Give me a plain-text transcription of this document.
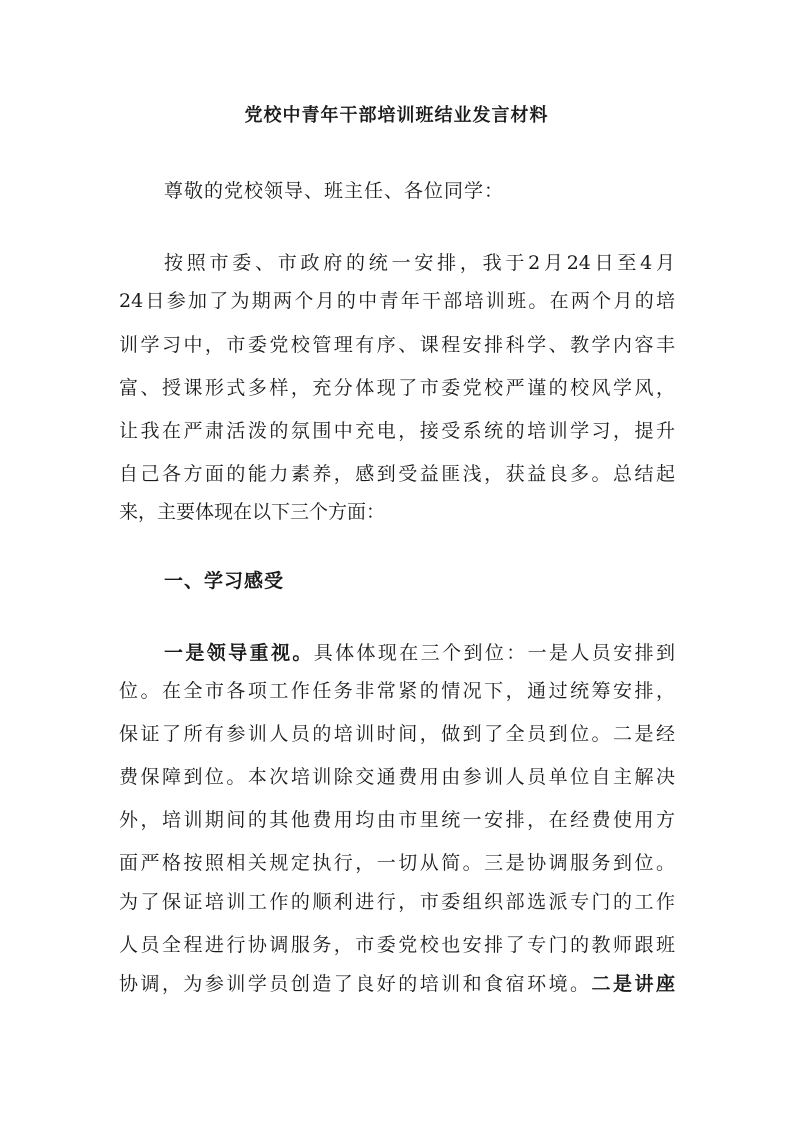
党校中青年干部培训班结业发言材料
尊敬的党校领导、班主任、各位同学：
按照市委、市政府的统一安排，我于2月24日至4月
24日参加了为期两个月的中青年干部培训班。在两个月的培
训学习中，市委党校管理有序、课程安排科学、教学内容丰
富、授课形式多样，充分体现了市委党校严谨的校风学风，
让我在严肃活泼的氛围中充电，接受系统的培训学习，提升
自己各方面的能力素养，感到受益匪浅，获益良多。总结起
来，主要体现在以下三个方面：
一、学习感受
一是领导重视。具体体现在三个到位：一是人员安排到
位。在全市各项工作任务非常紧的情况下，通过统筹安排，
保证了所有参训人员的培训时间，做到了全员到位。二是经
费保障到位。本次培训除交通费用由参训人员单位自主解决
外，培训期间的其他费用均由市里统一安排，在经费使用方
面严格按照相关规定执行，一切从简。三是协调服务到位。
为了保证培训工作的顺利进行，市委组织部选派专门的工作
人员全程进行协调服务，市委党校也安排了专门的教师跟班
协调，为参训学员创造了良好的培训和食宿环境。二是讲座
